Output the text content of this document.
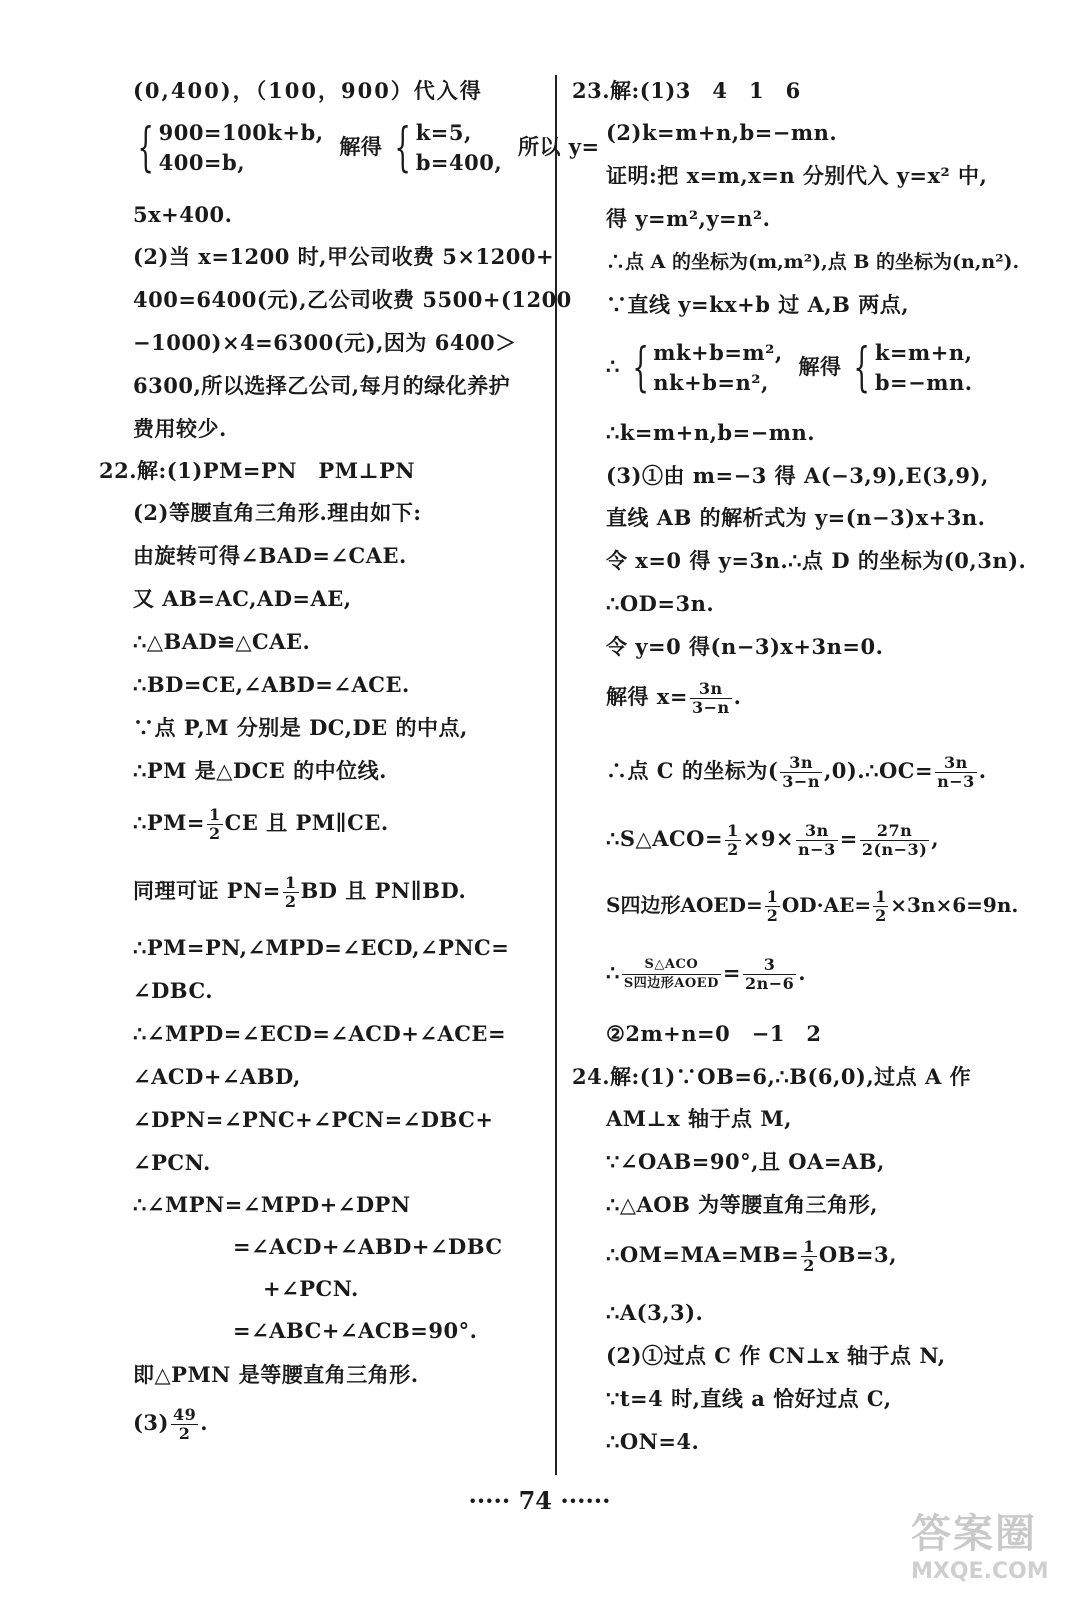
(0,400)，（100，900）代入得
{ 900=100k+b,
400=b,
解得 { k=5,
b=400,
所以 y=
5x+400.
(2)当 x=1200 时,甲公司收费 5×1200+
400=6400(元),乙公司收费 5500+(1200
−1000)×4=6300(元),因为 6400＞
6300,所以选择乙公司,每月的绿化养护
费用较少.
22.解:(1)PM=PN　PM⊥PN
(2)等腰直角三角形.理由如下:
由旋转可得∠BAD=∠CAE.
又 AB=AC,AD=AE,
∴△BAD≌△CAE.
∴BD=CE,∠ABD=∠ACE.
∵点 P,M 分别是 DC,DE 的中点,
∴PM 是△DCE 的中位线.
∴PM= $\frac{1}{2}$ CE 且 PM∥CE.
同理可证 $PN= \frac{1}{2}$ BD 且 PN∥BD.
∴PM=PN,∠MPD=∠ECD,∠PNC=
∠DBC.
∴∠MPD=∠ECD=∠ACD+∠ACE=
∠ACD+∠ABD,
∠DPN=∠PNC+∠PCN=∠DBC+
∠PCN.
∴∠MPN=∠MPD+∠DPN
=∠ACD+∠ABD+∠DBC
+∠PCN.
=∠ABC+∠ACB=90°.
即△PMN 是等腰直角三角形.
$(3) \frac{49}{2}$ .
23.解:(1)3　4　1　6
(2)k=m+n,b=−mn.
证明:把 x=m,x=n 分别代入 y=x² 中,
得 y=m²,y=n².
∴点 A 的坐标为(m,m²),点 B 的坐标为(n,n²).
∵直线 y=kx+b 过 A,B 两点,
∴ { mk+b=m²,
nk+b=n²,
解得 { k=m+n,
b=−mn.
∴k=m+n,b=−mn.
(3)①由 m=−3 得 A(−3,9),E(3,9),
直线 AB 的解析式为 y=(n−3)x+3n.
令 x=0 得 y=3n.∴点 D 的坐标为(0,3n).
∴OD=3n.
令 y=0 得(n−3)x+3n=0.
解得 $x= \frac{3n}{3-n}$ .
∴点 C 的坐标为( $\frac{3n}{3-n}$ ,0).∴OC= $\frac{3n}{n-3}$ .
∴S△ACO= $\frac{1}{2} \times 9\times \frac{3n}{n-3} = \frac{27n}{2(n-3)}$ ,
S四边形AOED= $\frac{1}{2} OD\cdot AE= \frac{1}{2} \times 3n\times 6=9n$.
∴ $\frac{\text{S△ACO}}{\text{S四边形AOED}} = \frac{3}{2n-6}$ .
②2m+n=0　−1　2
24.解:(1)∵OB=6,∴B(6,0),过点 A 作
AM⊥x 轴于点 M,
∵∠OAB=90°,且 OA=AB,
∴△AOB 为等腰直角三角形,
∴OM=MA=MB= $\frac{1}{2} OB=3$,
∴A(3,3).
(2)①过点 C 作 CN⊥x 轴于点 N,
∵t=4 时,直线 a 恰好过点 C,
∴ON=4.
····· 74 ······
答案圈
MXQE.COM
